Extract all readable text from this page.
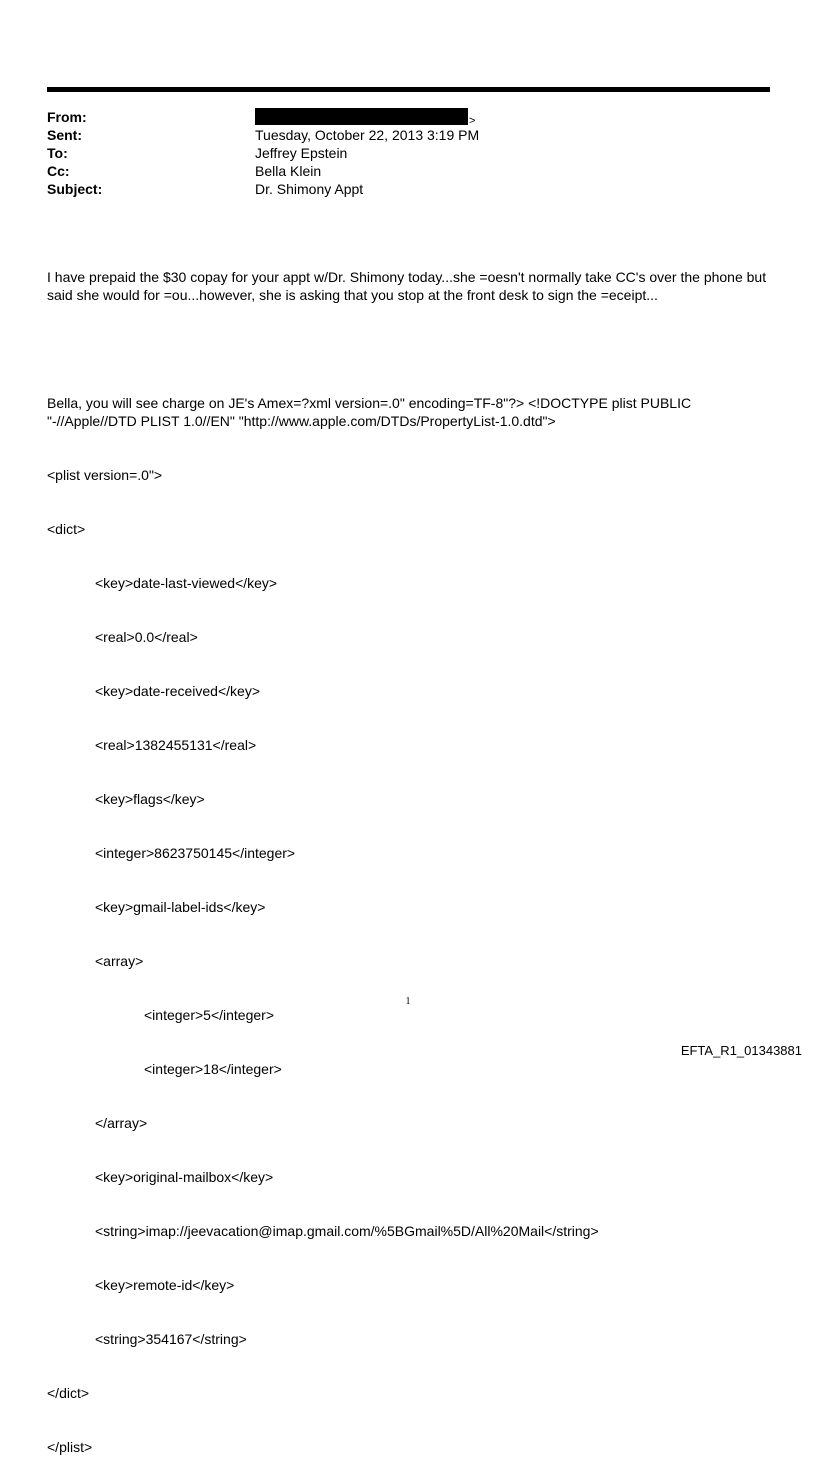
From:	>
Sent:	Tuesday, October 22, 2013 3:19 PM
To:	Jeffrey Epstein
Cc:	Bella Klein
Subject:	Dr. Shimony Appt

I have prepaid the $30 copay for your appt w/Dr. Shimony today...she =oesn't normally take CC's over the phone but said she would for =ou...however, she is asking that you stop at the front desk to sign the =eceipt...

Bella, you will see charge on JE's Amex=?xml version=.0" encoding=TF-8"?> <!DOCTYPE plist PUBLIC "-//Apple//DTD PLIST 1.0//EN" "http://www.apple.com/DTDs/PropertyList-1.0.dtd">

<plist version=.0">

<dict>

<key>date-last-viewed</key>

<real>0.0</real>

<key>date-received</key>

<real>1382455131</real>

<key>flags</key>

<integer>8623750145</integer>

<key>gmail-label-ids</key>

<array>

<integer>5</integer>

<integer>18</integer>

</array>

<key>original-mailbox</key>

<string>imap://jeevacation@imap.gmail.com/%5BGmail%5D/All%20Mail</string>

<key>remote-id</key>

<string>354167</string>

</dict>

</plist>

1
EFTA_R1_01343881
